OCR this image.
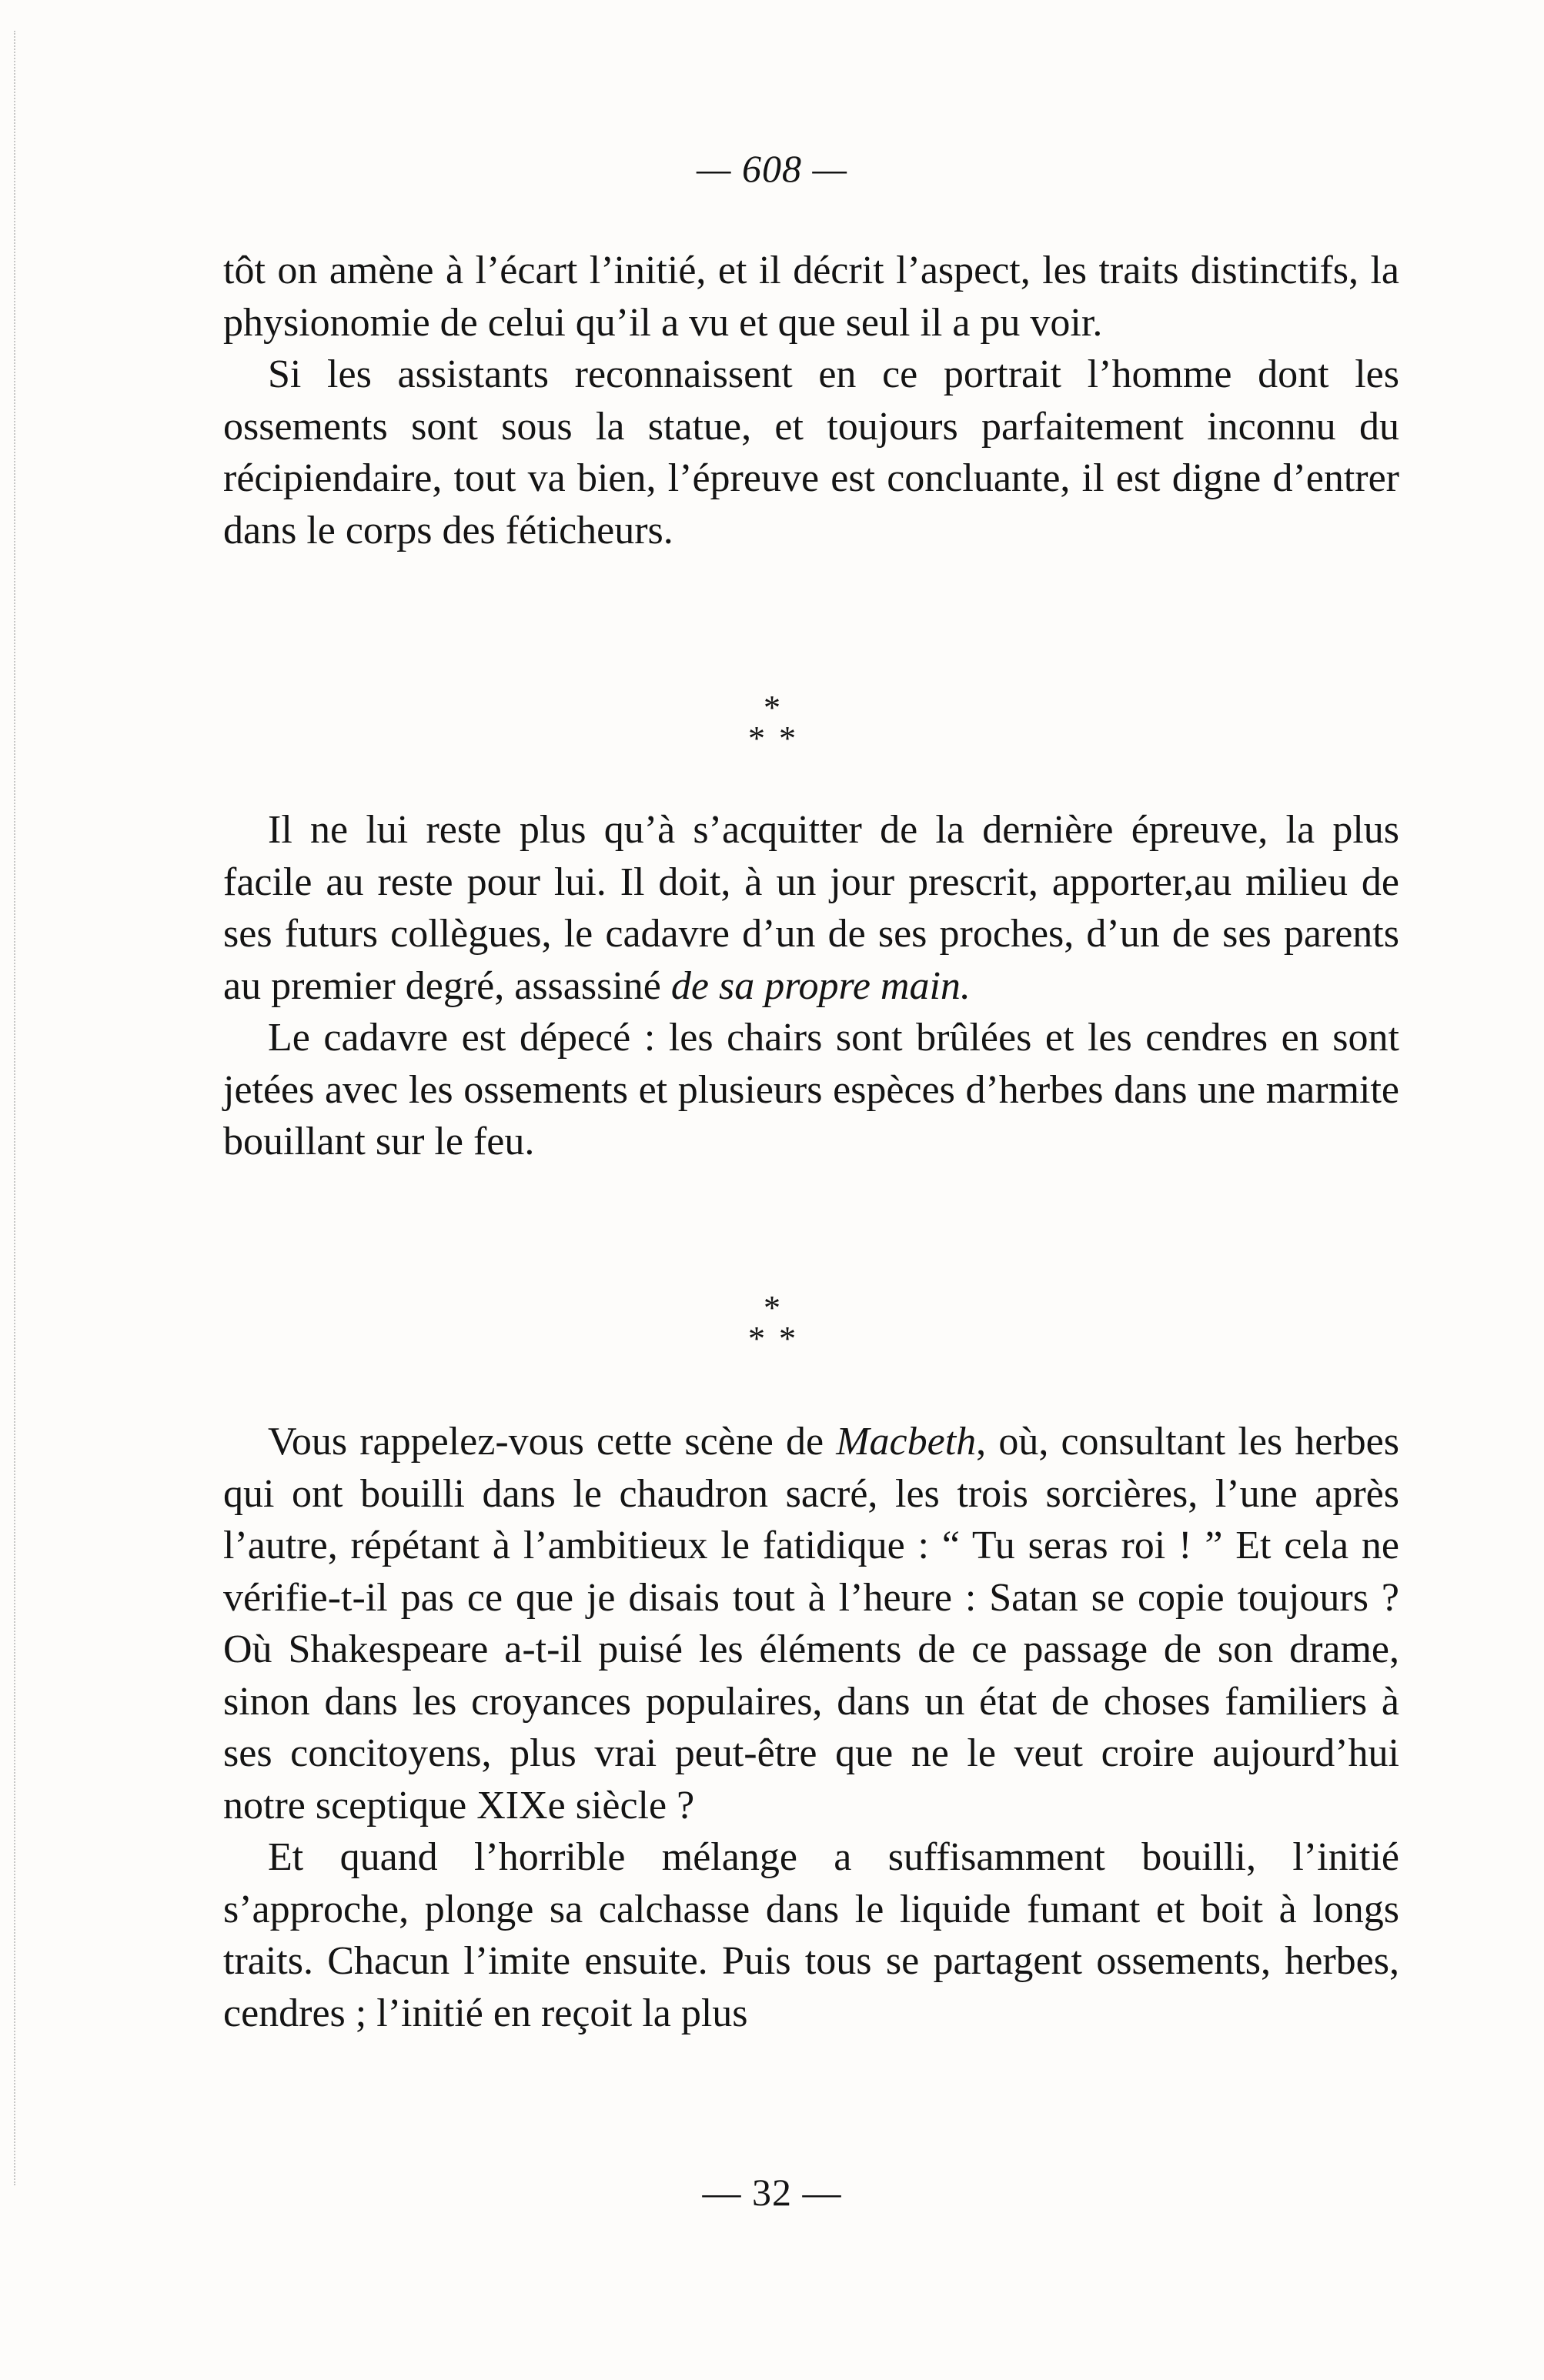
— 608 —

tôt on amène à l’écart l’initié, et il décrit l’aspect, les traits distinctifs, la physionomie de celui qu’il a vu et que seul il a pu voir.

Si les assistants reconnaissent en ce portrait l’homme dont les ossements sont sous la statue, et toujours parfaitement inconnu du récipiendaire, tout va bien, l’épreuve est concluante, il est digne d’entrer dans le corps des féticheurs.

*
**

Il ne lui reste plus qu’à s’acquitter de la dernière épreuve, la plus facile au reste pour lui. Il doit, à un jour prescrit, apporter,au milieu de ses futurs collègues, le cadavre d’un de ses proches, d’un de ses parents au premier degré, assassiné de sa propre main.

Le cadavre est dépecé : les chairs sont brûlées et les cendres en sont jetées avec les ossements et plusieurs espèces d’herbes dans une marmite bouillant sur le feu.

*
**

Vous rappelez-vous cette scène de Macbeth, où, consultant les herbes qui ont bouilli dans le chaudron sacré, les trois sorcières, l’une après l’autre, répétant à l’ambitieux le fatidique : “ Tu seras roi ! ” Et cela ne vérifie-t-il pas ce que je disais tout à l’heure : Satan se copie toujours ? Où Shakespeare a-t-il puisé les éléments de ce passage de son drame, sinon dans les croyances populaires, dans un état de choses familiers à ses concitoyens, plus vrai peut-être que ne le veut croire aujourd’hui notre sceptique XIXe siècle ?

Et quand l’horrible mélange a suffisamment bouilli, l’initié s’approche, plonge sa calchasse dans le liquide fumant et boit à longs traits. Chacun l’imite ensuite. Puis tous se partagent ossements, herbes, cendres ; l’initié en reçoit la plus

— 32 —
